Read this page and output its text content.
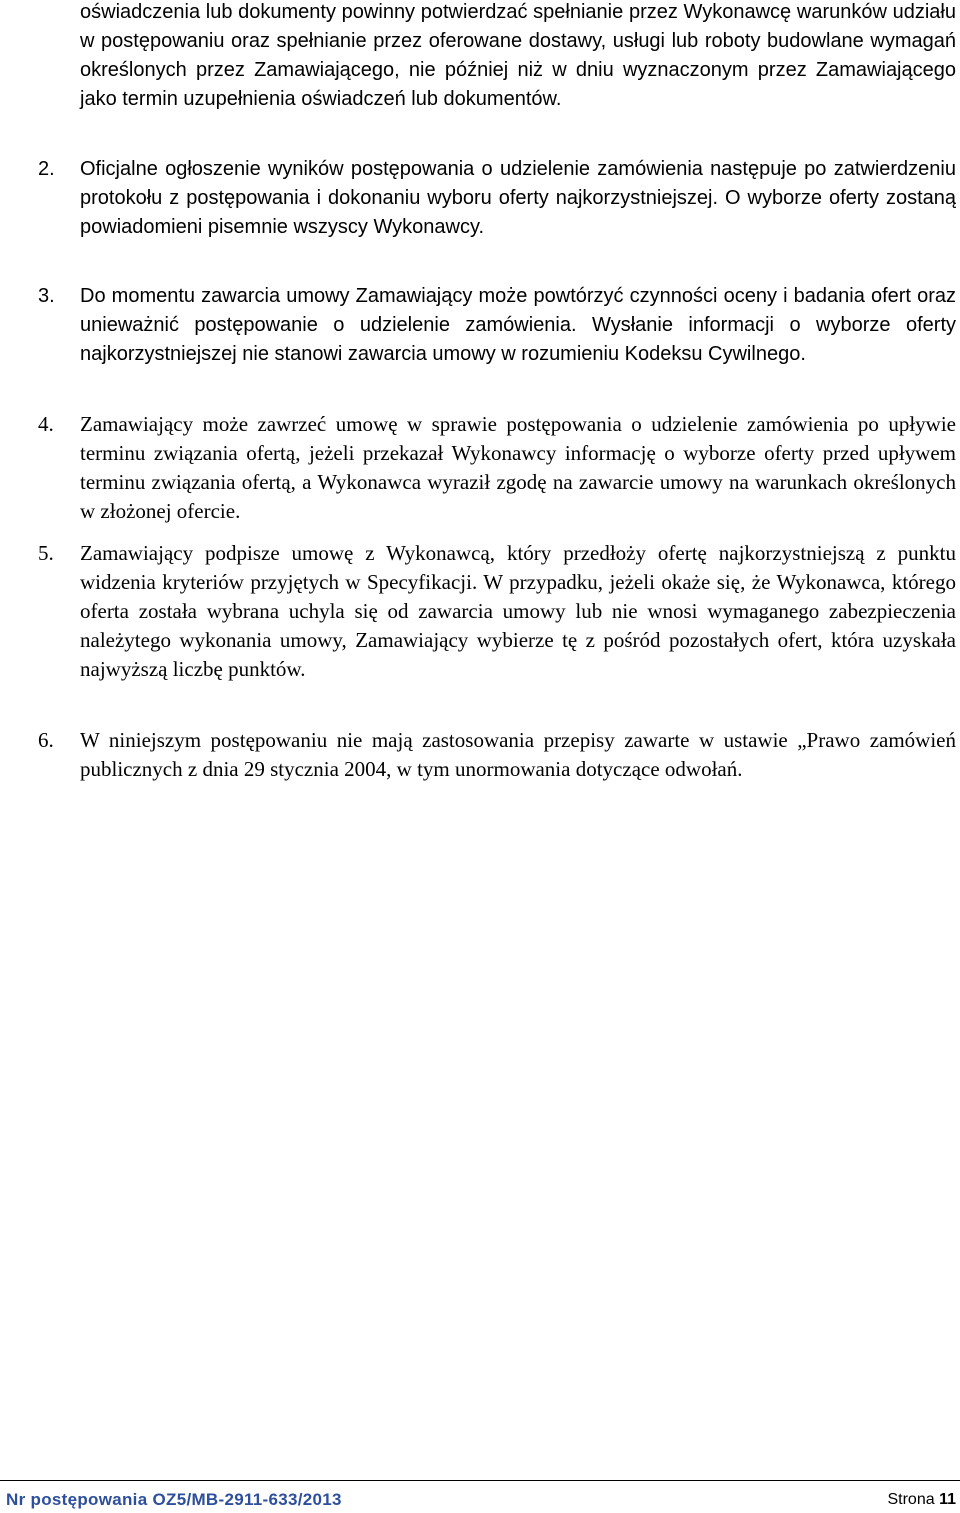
oświadczenia lub dokumenty powinny potwierdzać spełnianie przez Wykonawcę warunków udziału w postępowaniu oraz spełnianie przez oferowane dostawy, usługi lub roboty budowlane wymagań określonych przez Zamawiającego, nie później niż w dniu wyznaczonym przez Zamawiającego jako termin uzupełnienia oświadczeń lub dokumentów.
2. Oficjalne ogłoszenie wyników postępowania o udzielenie zamówienia następuje po zatwierdzeniu protokołu z postępowania i dokonaniu wyboru oferty najkorzystniejszej. O wyborze oferty zostaną powiadomieni pisemnie wszyscy Wykonawcy.
3. Do momentu zawarcia umowy Zamawiający może powtórzyć czynności oceny i badania ofert oraz unieważnić postępowanie o udzielenie zamówienia. Wysłanie informacji o wyborze oferty najkorzystniejszej nie stanowi zawarcia umowy w rozumieniu Kodeksu Cywilnego.
4. Zamawiający może zawrzeć umowę w sprawie postępowania o udzielenie zamówienia po upływie terminu związania ofertą, jeżeli przekazał Wykonawcy informację o wyborze oferty przed upływem terminu związania ofertą, a Wykonawca wyraził zgodę na zawarcie umowy na warunkach określonych w złożonej ofercie.
5. Zamawiający podpisze umowę z Wykonawcą, który przedłoży ofertę najkorzystniejszą z punktu widzenia kryteriów przyjętych w Specyfikacji. W przypadku, jeżeli okaże się, że Wykonawca, którego oferta została wybrana uchyla się od zawarcia umowy lub nie wnosi wymaganego zabezpieczenia należytego wykonania umowy, Zamawiający wybierze tę z pośród pozostałych ofert, która uzyskała najwyższą liczbę punktów.
6. W niniejszym postępowaniu nie mają zastosowania przepisy zawarte w ustawie „Prawo zamówień publicznych z dnia 29 stycznia 2004, w tym unormowania dotyczące odwołań.
Nr postępowania OZ5/MB-2911-633/2013	Strona 11
